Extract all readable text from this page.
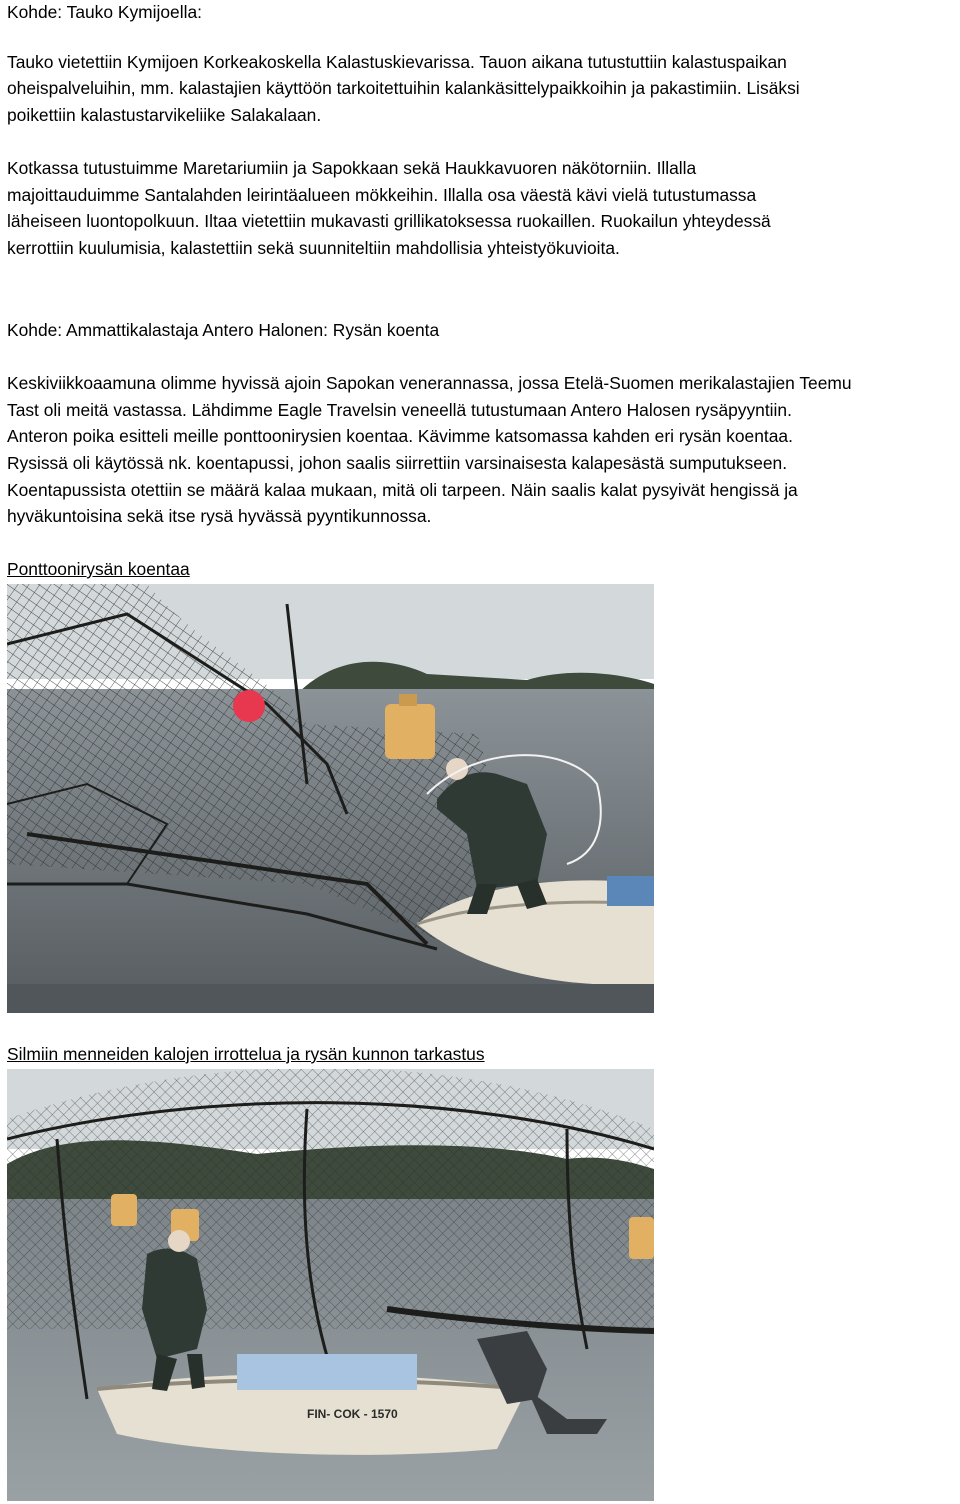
Kohde: Tauko Kymijoella:

Tauko vietettiin Kymijoen Korkeakoskella Kalastuskievarissa. Tauon aikana tutustuttiin kalastuspaikan

oheispalveluihin, mm. kalastajien käyttöön tarkoitettuihin kalankäsittelypaikkoihin ja pakastimiin. Lisäksi

poikettiin kalastustarvikeliike Salakalaan.

Kotkassa tutustuimme Maretariumiin ja Sapokkaan sekä Haukkavuoren näkötorniin. Illalla

majoittauduimme Santalahden leirintäalueen mökkeihin. Illalla osa väestä kävi vielä tutustumassa

läheiseen luontopolkuun. Iltaa vietettiin mukavasti grillikatoksessa ruokaillen. Ruokailun yhteydessä

kerrottiin kuulumisia, kalastettiin sekä suunniteltiin mahdollisia yhteistyökuvioita.

Kohde: Ammattikalastaja Antero Halonen: Rysän koenta

Keskiviikkoaamuna olimme hyvissä ajoin Sapokan venerannassa, jossa Etelä-Suomen merikalastajien Teemu

Tast oli meitä vastassa. Lähdimme Eagle Travelsin veneellä tutustumaan Antero Halosen rysäpyyntiin.

Anteron poika esitteli meille ponttoonirysien koentaa. Kävimme katsomassa kahden eri rysän koentaa.

Rysissä oli käytössä nk. koentapussi, johon saalis siirrettiin varsinaisesta kalapesästä sumputukseen.

Koentapussista otettiin se määrä kalaa mukaan, mitä oli tarpeen. Näin saalis kalat pysyivät hengissä ja

hyväkuntoisina sekä itse rysä hyvässä pyyntikunnossa.

Ponttoonirysän koentaa

Silmiin menneiden kalojen irrottelua ja rysän kunnon tarkastus

FIN- COK - 1570
